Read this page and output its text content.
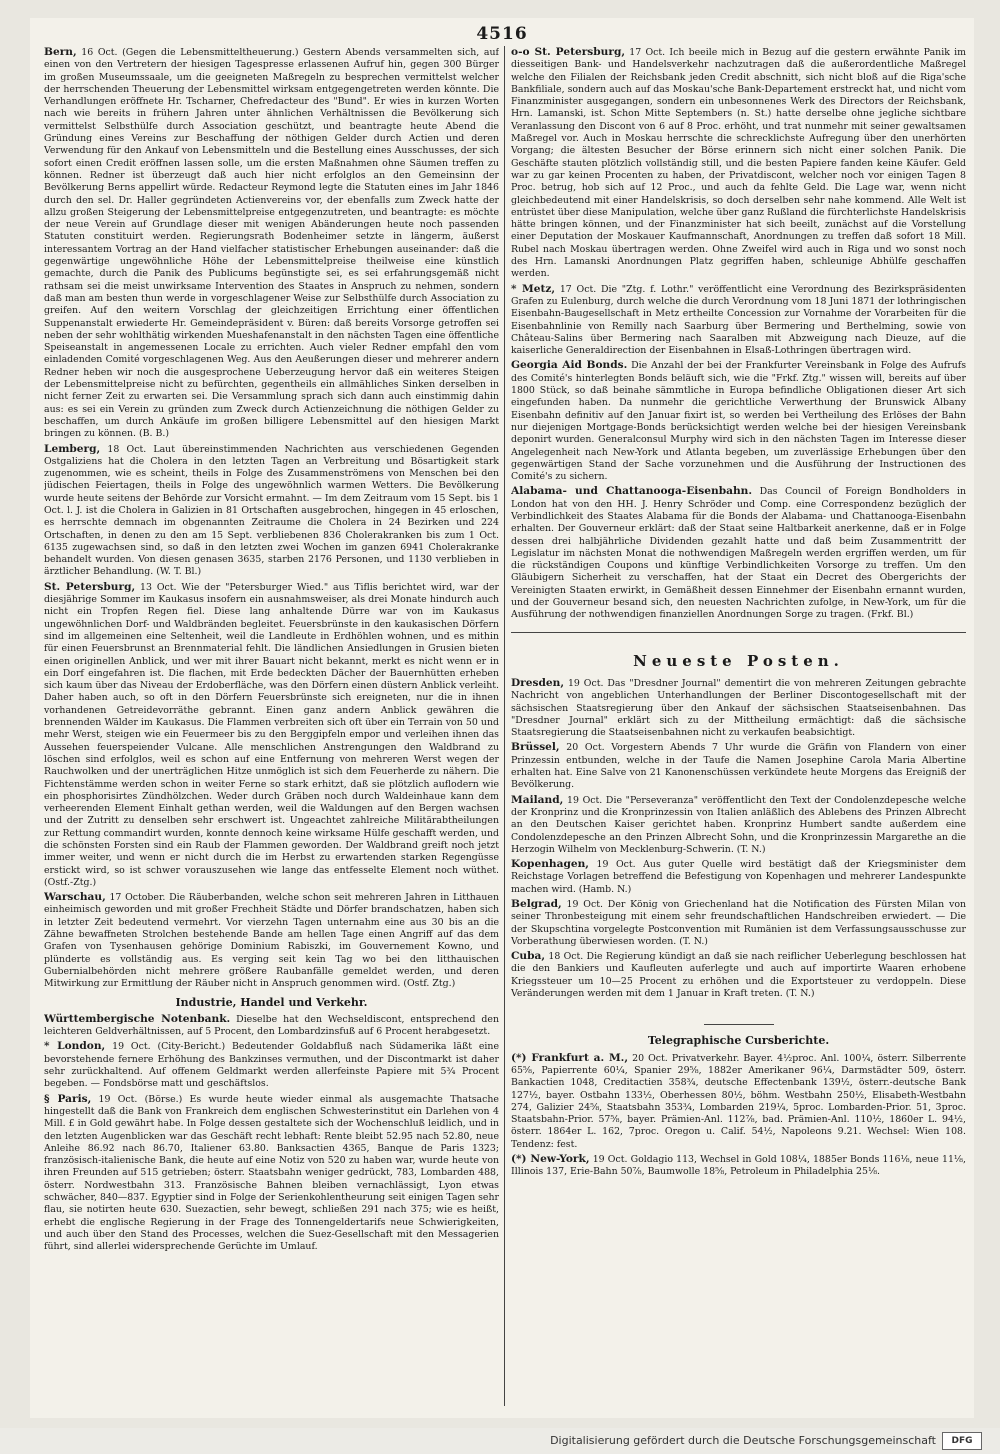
4516

Bern, 16 Oct. (Gegen die Lebensmitteltheuerung.) Gestern Abends versammelten sich, auf einen von den Vertretern der hiesigen Tagespresse erlassenen Aufruf hin, gegen 300 Bürger im großen Museumssaale, um die geeigneten Maßregeln zu besprechen vermittelst welcher der herrschenden Theuerung der Lebensmittel wirksam entgegengetreten werden könnte. Die Verhandlungen eröffnete Hr. Tscharner, Chefredacteur des "Bund". Er wies in kurzen Worten nach wie bereits in frühern Jahren unter ähnlichen Verhältnissen die Bevölkerung sich vermittelst Selbsthülfe durch Association geschützt, und beantragte heute Abend die Gründung eines Vereins zur Beschaffung der nöthigen Gelder durch Actien und deren Verwendung für den Ankauf von Lebensmitteln und die Bestellung eines Ausschusses, der sich sofort einen Credit eröffnen lassen solle, um die ersten Maßnahmen ohne Säumen treffen zu können. Redner ist überzeugt daß auch hier nicht erfolglos an den Gemeinsinn der Bevölkerung Berns appellirt würde. Redacteur Reymond legte die Statuten eines im Jahr 1846 durch den sel. Dr. Haller gegründeten Actienvereins vor, der ebenfalls zum Zweck hatte der allzu großen Steigerung der Lebensmittelpreise entgegenzutreten, und beantragte: es möchte der neue Verein auf Grundlage dieser mit wenigen Abänderungen heute noch passenden Statuten constituirt werden. Regierungsrath Bodenheimer setzte in längerm, äußerst interessantem Vortrag an der Hand vielfacher statistischer Erhebungen auseinander: daß die gegenwärtige ungewöhnliche Höhe der Lebensmittelpreise theilweise eine künstlich gemachte, durch die Panik des Publicums begünstigte sei, es sei erfahrungsgemäß nicht rathsam sei die meist unwirksame Intervention des Staates in Anspruch zu nehmen, sondern daß man am besten thun werde in vorgeschlagener Weise zur Selbsthülfe durch Association zu greifen. Auf den weitern Vorschlag der gleichzeitigen Errichtung einer öffentlichen Suppenanstalt erwiederte Hr. Gemeindepräsident v. Büren: daß bereits Vorsorge getroffen sei neben der sehr wohlthätig wirkenden Mueshafenanstalt in den nächsten Tagen eine öffentliche Speiseanstalt in angemessenen Locale zu errichten. Auch vieler Redner empfahl den vom einladenden Comité vorgeschlagenen Weg. Aus den Aeußerungen dieser und mehrerer andern Redner heben wir noch die ausgesprochene Ueberzeugung hervor daß ein weiteres Steigen der Lebensmittelpreise nicht zu befürchten, gegentheils ein allmähliches Sinken derselben in nicht ferner Zeit zu erwarten sei. Die Versammlung sprach sich dann auch einstimmig dahin aus: es sei ein Verein zu gründen zum Zweck durch Actienzeichnung die nöthigen Gelder zu beschaffen, um durch Ankäufe im großen billigere Lebensmittel auf den hiesigen Markt bringen zu können. (B. B.)

Lemberg, 18 Oct. Laut übereinstimmenden Nachrichten aus verschiedenen Gegenden Ostgaliziens hat die Cholera in den letzten Tagen an Verbreitung und Bösartigkeit stark zugenommen, wie es scheint, theils in Folge des Zusammenströmens von Menschen bei den jüdischen Feiertagen, theils in Folge des ungewöhnlich warmen Wetters. Die Bevölkerung wurde heute seitens der Behörde zur Vorsicht ermahnt. — Im dem Zeitraum vom 15 Sept. bis 1 Oct. l. J. ist die Cholera in Galizien in 81 Ortschaften ausgebrochen, hingegen in 45 erloschen, es herrschte demnach im obgenannten Zeitraume die Cholera in 24 Bezirken und 224 Ortschaften, in denen zu den am 15 Sept. verbliebenen 836 Cholerakranken bis zum 1 Oct. 6135 zugewachsen sind, so daß in den letzten zwei Wochen im ganzen 6941 Cholerakranke behandelt wurden. Von diesen genasen 3635, starben 2176 Personen, und 1130 verblieben in ärztlicher Behandlung. (W. T. Bl.)

St. Petersburg, 13 Oct. Wie der "Petersburger Wied." aus Tiflis berichtet wird, war der diesjährige Sommer im Kaukasus insofern ein ausnahmsweiser, als drei Monate hindurch auch nicht ein Tropfen Regen fiel. Diese lang anhaltende Dürre war von im Kaukasus ungewöhnlichen Dorf- und Waldbränden begleitet. Feuersbrünste in den kaukasischen Dörfern sind im allgemeinen eine Seltenheit, weil die Landleute in Erdhöhlen wohnen, und es mithin für einen Feuersbrunst an Brennmaterial fehlt. Die ländlichen Ansiedlungen in Grusien bieten einen originellen Anblick, und wer mit ihrer Bauart nicht bekannt, merkt es nicht wenn er in ein Dorf eingefahren ist. Die flachen, mit Erde bedeckten Dächer der Bauernhütten erheben sich kaum über das Niveau der Erdoberfläche, was den Dörfern einen düstern Anblick verleiht. Daher haben auch, so oft in den Dörfern Feuersbrünste sich ereigneten, nur die in ihnen vorhandenen Getreidevorräthe gebrannt. Einen ganz andern Anblick gewähren die brennenden Wälder im Kaukasus. Die Flammen verbreiten sich oft über ein Terrain von 50 und mehr Werst, steigen wie ein Feuermeer bis zu den Berggipfeln empor und verleihen ihnen das Aussehen feuerspeiender Vulcane. Alle menschlichen Anstrengungen den Waldbrand zu löschen sind erfolglos, weil es schon auf eine Entfernung von mehreren Werst wegen der Rauchwolken und der unerträglichen Hitze unmöglich ist sich dem Feuerherde zu nähern. Die Fichtenstämme werden schon in weiter Ferne so stark erhitzt, daß sie plötzlich auflodern wie ein phosphorisirtes Zündhölzchen. Weder durch Gräben noch durch Waldeinhaue kann dem verheerenden Element Einhalt gethan werden, weil die Waldungen auf den Bergen wachsen und der Zutritt zu denselben sehr erschwert ist. Ungeachtet zahlreiche Militärabtheilungen zur Rettung commandirt wurden, konnte dennoch keine wirksame Hülfe geschafft werden, und die schönsten Forsten sind ein Raub der Flammen geworden. Der Waldbrand greift noch jetzt immer weiter, und wenn er nicht durch die im Herbst zu erwartenden starken Regengüsse erstickt wird, so ist schwer vorauszusehen wie lange das entfesselte Element noch wüthet. (Ostf.-Ztg.)

Warschau, 17 October. Die Räuberbanden, welche schon seit mehreren Jahren in Litthauen einheimisch geworden und mit großer Frechheit Städte und Dörfer brandschatzen, haben sich in letzter Zeit bedeutend vermehrt. Vor vierzehn Tagen unternahm eine aus 30 bis an die Zähne bewaffneten Strolchen bestehende Bande am hellen Tage einen Angriff auf das dem Grafen von Tysenhausen gehörige Dominium Rabiszki, im Gouvernement Kowno, und plünderte es vollständig aus. Es verging seit kein Tag wo bei den litthauischen Gubernialbehörden nicht mehrere größere Raubanfälle gemeldet werden, und deren Mitwirkung zur Ermittlung der Räuber nicht in Anspruch genommen wird. (Ostf. Ztg.)

Industrie, Handel und Verkehr.

Württembergische Notenbank. Dieselbe hat den Wechseldiscont, entsprechend den leichteren Geldverhältnissen, auf 5 Procent, den Lombardzinsfuß auf 6 Procent herabgesetzt.

* London, 19 Oct. (City-Bericht.) Bedeutender Goldabfluß nach Südamerika läßt eine bevorstehende fernere Erhöhung des Bankzinses vermuthen, und der Discontmarkt ist daher sehr zurückhaltend. Auf offenem Geldmarkt werden allerfeinste Papiere mit 5¾ Procent begeben. — Fondsbörse matt und geschäftslos.

§ Paris, 19 Oct. (Börse.) Es wurde heute wieder einmal als ausgemachte Thatsache hingestellt daß die Bank von Frankreich dem englischen Schwesterinstitut ein Darlehen von 4 Mill. £ in Gold gewährt habe. In Folge dessen gestaltete sich der Wochenschluß leidlich, und in den letzten Augenblicken war das Geschäft recht lebhaft: Rente bleibt 52.95 nach 52.80, neue Anleihe 86.92 nach 86.70, Italiener 63.80. Banksactien 4365, Banque de Paris 1323; französisch-italienische Bank, die heute auf eine Notiz von 520 zu haben war, wurde heute von ihren Freunden auf 515 getrieben; österr. Staatsbahn weniger gedrückt, 783, Lombarden 488, österr. Nordwestbahn 313. Französische Bahnen bleiben vernachlässigt, Lyon etwas schwächer, 840—837. Egyptier sind in Folge der Serienkohlentheurung seit einigen Tagen sehr flau, sie notirten heute 630. Suezactien, sehr bewegt, schließen 291 nach 375; wie es heißt, erhebt die englische Regierung in der Frage des Tonnengeldertarifs neue Schwierigkeiten, und auch über den Stand des Processes, welchen die Suez-Gesellschaft mit den Messagerien führt, sind allerlei widersprechende Gerüchte im Umlauf.

o-o St. Petersburg, 17 Oct. Ich beeile mich in Bezug auf die gestern erwähnte Panik im diesseitigen Bank- und Handelsverkehr nachzutragen daß die außerordentliche Maßregel welche den Filialen der Reichsbank jeden Credit abschnitt, sich nicht bloß auf die Riga'sche Bankfiliale, sondern auch auf das Moskau'sche Bank-Departement erstreckt hat, und nicht vom Finanzminister ausgegangen, sondern ein unbesonnenes Werk des Directors der Reichsbank, Hrn. Lamanski, ist. Schon Mitte Septembers (n. St.) hatte derselbe ohne jegliche sichtbare Veranlassung den Discont von 6 auf 8 Proc. erhöht, und trat nunmehr mit seiner gewaltsamen Maßregel vor. Auch in Moskau herrschte die schrecklichste Aufregung über den unerhörten Vorgang; die ältesten Besucher der Börse erinnern sich nicht einer solchen Panik. Die Geschäfte stauten plötzlich vollständig still, und die besten Papiere fanden keine Käufer. Geld war zu gar keinen Procenten zu haben, der Privatdiscont, welcher noch vor einigen Tagen 8 Proc. betrug, hob sich auf 12 Proc., und auch da fehlte Geld. Die Lage war, wenn nicht gleichbedeutend mit einer Handelskrisis, so doch derselben sehr nahe kommend. Alle Welt ist entrüstet über diese Manipulation, welche über ganz Rußland die fürchterlichste Handelskrisis hätte bringen können, und der Finanzminister hat sich beeilt, zunächst auf die Vorstellung einer Deputation der Moskauer Kaufmannschaft, Anordnungen zu treffen daß sofort 18 Mill. Rubel nach Moskau übertragen werden. Ohne Zweifel wird auch in Riga und wo sonst noch des Hrn. Lamanski Anordnungen Platz gegriffen haben, schleunige Abhülfe geschaffen werden.

* Metz, 17 Oct. Die "Ztg. f. Lothr." veröffentlicht eine Verordnung des Bezirkspräsidenten Grafen zu Eulenburg, durch welche die durch Verordnung vom 18 Juni 1871 der lothringischen Eisenbahn-Baugesellschaft in Metz ertheilte Concession zur Vornahme der Vorarbeiten für die Eisenbahnlinie von Remilly nach Saarburg über Bermering und Berthelming, sowie von Château-Salins über Bermering nach Saaralben mit Abzweigung nach Dieuze, auf die kaiserliche Generaldirection der Eisenbahnen in Elsaß-Lothringen übertragen wird.

Georgia Aid Bonds. Die Anzahl der bei der Frankfurter Vereinsbank in Folge des Aufrufs des Comité's hinterlegten Bonds beläuft sich, wie die "Frkf. Ztg." wissen will, bereits auf über 1800 Stück, so daß beinahe sämmtliche in Europa befindliche Obligationen dieser Art sich eingefunden haben. Da nunmehr die gerichtliche Verwerthung der Brunswick Albany Eisenbahn definitiv auf den Januar fixirt ist, so werden bei Vertheilung des Erlöses der Bahn nur diejenigen Mortgage-Bonds berücksichtigt werden welche bei der hiesigen Vereinsbank deponirt wurden. Generalconsul Murphy wird sich in den nächsten Tagen im Interesse dieser Angelegenheit nach New-York und Atlanta begeben, um zuverlässige Erhebungen über den gegenwärtigen Stand der Sache vorzunehmen und die Ausführung der Instructionen des Comité's zu sichern.

Alabama- und Chattanooga-Eisenbahn. Das Council of Foreign Bondholders in London hat von den HH. J. Henry Schröder und Comp. eine Correspondenz bezüglich der Verbindlichkeit des Staates Alabama für die Bonds der Alabama- und Chattanooga-Eisenbahn erhalten. Der Gouverneur erklärt: daß der Staat seine Haltbarkeit anerkenne, daß er in Folge dessen drei halbjährliche Dividenden gezahlt hatte und daß beim Zusammentritt der Legislatur im nächsten Monat die nothwendigen Maßregeln werden ergriffen werden, um für die rückständigen Coupons und künftige Verbindlichkeiten Vorsorge zu treffen. Um den Gläubigern Sicherheit zu verschaffen, hat der Staat ein Decret des Obergerichts der Vereinigten Staaten erwirkt, in Gemäßheit dessen Einnehmer der Eisenbahn ernannt wurden, und der Gouverneur besand sich, den neuesten Nachrichten zufolge, in New-York, um für die Ausführung der nothwendigen finanziellen Anordnungen Sorge zu tragen. (Frkf. Bl.)

Neueste Posten.

Dresden, 19 Oct. Das "Dresdner Journal" dementirt die von mehreren Zeitungen gebrachte Nachricht von angeblichen Unterhandlungen der Berliner Discontogesellschaft mit der sächsischen Staatsregierung über den Ankauf der sächsischen Staatseisenbahnen. Das "Dresdner Journal" erklärt sich zu der Mittheilung ermächtigt: daß die sächsische Staatsregierung die Staatseisenbahnen nicht zu verkaufen beabsichtigt.

Brüssel, 20 Oct. Vorgestern Abends 7 Uhr wurde die Gräfin von Flandern von einer Prinzessin entbunden, welche in der Taufe die Namen Josephine Carola Maria Albertine erhalten hat. Eine Salve von 21 Kanonenschüssen verkündete heute Morgens das Ereigniß der Bevölkerung.

Mailand, 19 Oct. Die "Perseveranza" veröffentlicht den Text der Condolenzdepesche welche der Kronprinz und die Kronprinzessin von Italien anläßlich des Ablebens des Prinzen Albrecht an den Deutschen Kaiser gerichtet haben. Kronprinz Humbert sandte außerdem eine Condolenzdepesche an den Prinzen Albrecht Sohn, und die Kronprinzessin Margarethe an die Herzogin Wilhelm von Mecklenburg-Schwerin. (T. N.)

Kopenhagen, 19 Oct. Aus guter Quelle wird bestätigt daß der Kriegsminister dem Reichstage Vorlagen betreffend die Befestigung von Kopenhagen und mehrerer Landespunkte machen wird. (Hamb. N.)

Belgrad, 19 Oct. Der König von Griechenland hat die Notification des Fürsten Milan von seiner Thronbesteigung mit einem sehr freundschaftlichen Handschreiben erwiedert. — Die der Skupschtina vorgelegte Postconvention mit Rumänien ist dem Verfassungsausschusse zur Vorberathung überwiesen worden. (T. N.)

Cuba, 18 Oct. Die Regierung kündigt an daß sie nach reiflicher Ueberlegung beschlossen hat die den Bankiers und Kaufleuten auferlegte und auch auf importirte Waaren erhobene Kriegssteuer um 10—25 Procent zu erhöhen und die Exportsteuer zu verdoppeln. Diese Veränderungen werden mit dem 1 Januar in Kraft treten. (T. N.)

Telegraphische Cursberichte.

(*) Frankfurt a. M., 20 Oct. Privatverkehr. Bayer. 4½proc. Anl. 100¼, österr. Silberrente 65⅝, Papierrente 60¼, Spanier 29⅝, 1882er Amerikaner 96¼, Darmstädter 509, österr. Bankactien 1048, Creditactien 358¾, deutsche Effectenbank 139½, österr.-deutsche Bank 127½, bayer. Ostbahn 133½, Oberhessen 80½, böhm. Westbahn 250½, Elisabeth-Westbahn 274, Galizier 24⅝, Staatsbahn 353¾, Lombarden 219¼, 5proc. Lombarden-Prior. 51, 3proc. Staatsbahn-Prior. 57⅝, bayer. Prämien-Anl. 112⅞, bad. Prämien-Anl. 110½, 1860er L. 94½, österr. 1864er L. 162, 7proc. Oregon u. Calif. 54½, Napoleons 9.21. Wechsel: Wien 108. Tendenz: fest.

(*) New-York, 19 Oct. Goldagio 113, Wechsel in Gold 108¼, 1885er Bonds 116⅛, neue 11⅛, Illinois 137, Erie-Bahn 50⅞, Baumwolle 18⅝, Petroleum in Philadelphia 25⅛.

Digitalisierung gefördert durch die Deutsche Forschungsgemeinschaft	DFG
